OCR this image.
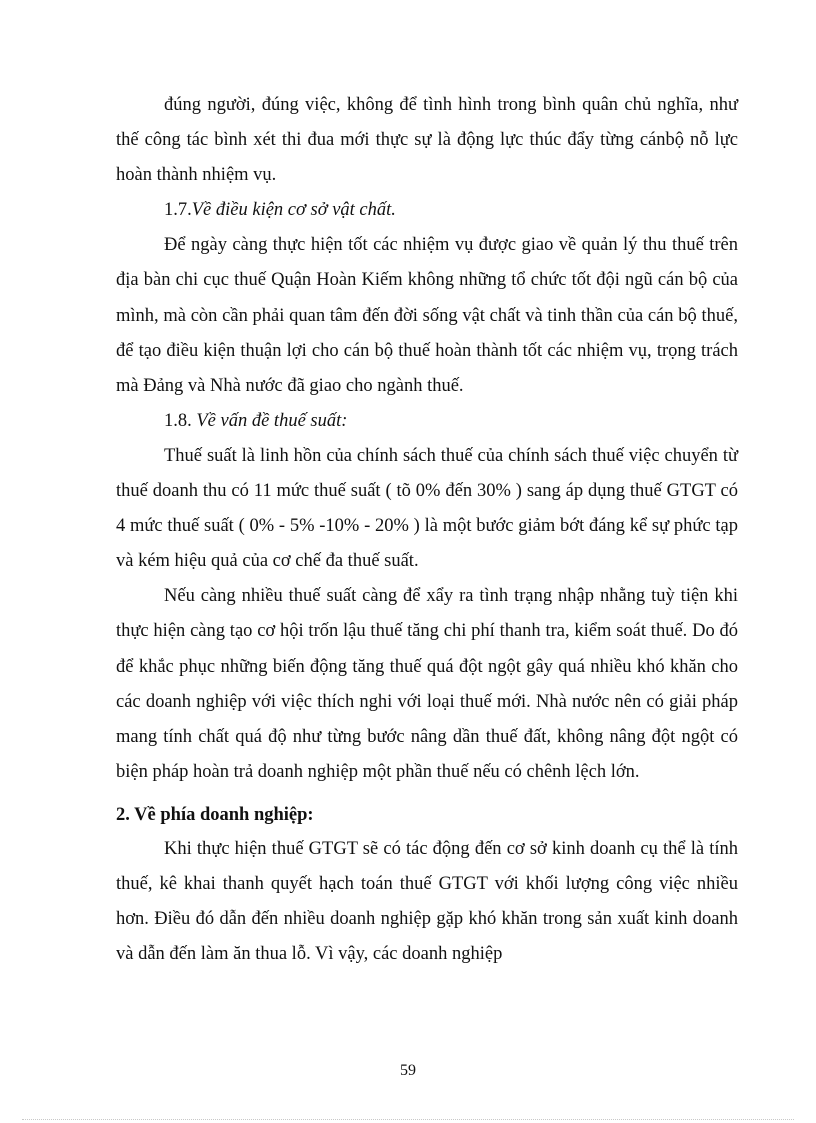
đúng người, đúng việc, không để tình hình trong bình quân chủ nghĩa, như thế công tác bình xét thi đua mới thực sự là động lực thúc đẩy từng cánbộ nỗ lực hoàn thành nhiệm vụ.

1.7.Về điều kiện cơ sở vật chất.

Để ngày càng thực hiện tốt các nhiệm vụ được giao về quản lý thu thuế trên địa bàn chi cục thuế Quận Hoàn Kiếm không những tổ chức tốt đội ngũ cán bộ của mình, mà còn cần phải quan tâm đến đời sống vật chất và tinh thần của cán bộ thuế, để tạo điều kiện thuận lợi cho cán bộ thuế hoàn thành tốt các nhiệm vụ, trọng trách mà Đảng và Nhà nước đã giao cho ngành thuế.

1.8. Về vấn đề thuế suất:

Thuế suất là linh hồn của chính sách thuế của chính sách thuế việc chuyển từ thuế doanh thu có 11 mức thuế suất ( tõ 0% đến 30% ) sang áp dụng thuế GTGT có 4 mức thuế suất ( 0% - 5% -10% - 20% ) là một bước giảm bớt đáng kể sự phức tạp và kém hiệu quả của cơ chế đa thuế suất.

Nếu càng nhiều thuế suất càng để xẩy ra tình trạng nhập nhằng tuỳ tiện khi thực hiện càng tạo cơ hội trốn lậu thuế tăng chi phí thanh tra, kiểm soát thuế. Do đó để khắc phục những biến động tăng thuế quá đột ngột gây quá nhiều khó khăn cho các doanh nghiệp với việc thích nghi với loại thuế mới. Nhà nước nên có giải pháp mang tính chất quá độ như từng bước nâng dần thuế đất, không nâng đột ngột có biện pháp hoàn trả doanh nghiệp một phần thuế nếu có chênh lệch lớn.

2. Về phía doanh nghiệp:

Khi thực hiện thuế GTGT sẽ có tác động đến cơ sở kinh doanh cụ thể là tính thuế, kê khai thanh quyết hạch toán thuế GTGT với khối lượng công việc nhiều hơn. Điều đó dẫn đến nhiều doanh nghiệp gặp khó khăn trong sản xuất kinh doanh và dẫn đến làm ăn thua lỗ. Vì vậy, các doanh nghiệp

59
